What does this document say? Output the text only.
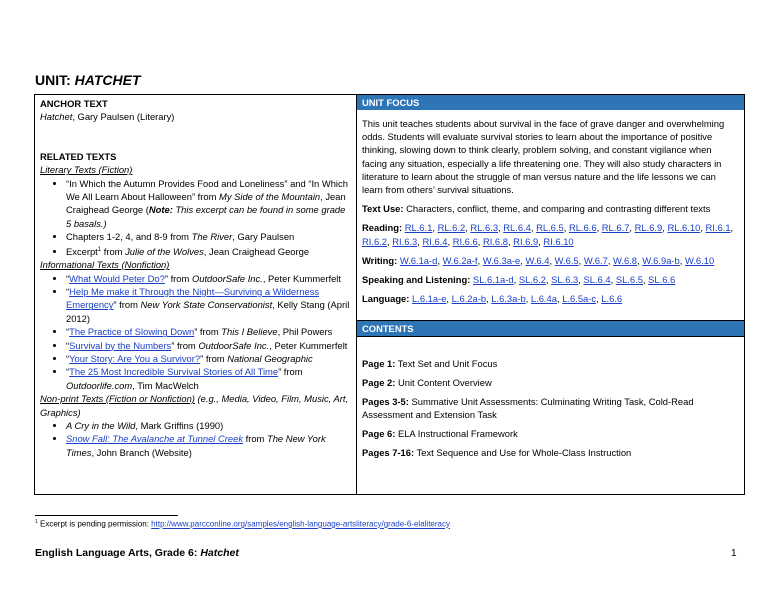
UNIT: HATCHET
ANCHOR TEXT
Hatchet, Gary Paulsen (Literary)
RELATED TEXTS
Literary Texts (Fiction)
• “In Which the Autumn Provides Food and Loneliness” and “In Which We All Learn About Halloween” from My Side of the Mountain, Jean Craighead George (Note: This excerpt can be found in some grade 5 basals.)
• Chapters 1-2, 4, and 8-9 from The River, Gary Paulsen
• Excerpt$^1$ from Julie of the Wolves, Jean Craighead George
Informational Texts (Nonfiction)
• “What Would Peter Do?” from OutdoorSafe Inc., Peter Kummerfelt
• “Help Me make it Through the Night—Surviving a Wilderness Emergency” from New York State Conservationist, Kelly Stang (April 2012)
• “The Practice of Slowing Down” from This I Believe, Phil Powers
• “Survival by the Numbers” from OutdoorSafe Inc., Peter Kummerfelt
• “Your Story: Are You a Survivor?” from National Geographic
• “The 25 Most Incredible Survival Stories of All Time” from Outdoorlife.com, Tim MacWelch
Non-print Texts (Fiction or Nonfiction) (e.g., Media, Video, Film, Music, Art, Graphics)
• A Cry in the Wild, Mark Griffins (1990)
• Snow Fall: The Avalanche at Tunnel Creek from The New York Times, John Branch (Website)
UNIT FOCUS

This unit teaches students about survival in the face of grave danger and overwhelming odds. Students will evaluate survival stories to learn about the importance of positive thinking, slowing down to think clearly, problem solving, and constant vigilance when facing any situation, especially a life threatening one. They will also study characters in literature to learn about the struggle of man versus nature and the life lessons we can learn from others’ survival situations.

Text Use: Characters, conflict, theme, and comparing and contrasting different texts

Reading: RL.6.1, RL.6.2, RL.6.3, RL.6.4, RL.6.5, RL.6.6, RL.6.7, RL.6.9, RL.6.10, RI.6.1, RI.6.2, RI.6.3, RI.6.4, RI.6.6, RI.6.8, RI.6.9, RI.6.10

Writing: W.6.1a-d, W.6.2a-f, W.6.3a-e, W.6.4, W.6.5, W.6.7, W.6.8, W.6.9a-b, W.6.10

Speaking and Listening: SL.6.1a-d, SL.6.2, SL.6.3, SL.6.4, SL.6.5, SL.6.6

Language: L.6.1a-e, L.6.2a-b, L.6.3a-b, L.6.4a, L.6.5a-c, L.6.6

CONTENTS

Page 1: Text Set and Unit Focus

Page 2: Unit Content Overview

Pages 3-5: Summative Unit Assessments: Culminating Writing Task, Cold-Read Assessment and Extension Task

Page 6: ELA Instructional Framework

Pages 7-16: Text Sequence and Use for Whole-Class Instruction

$^1$ Excerpt is pending permission: http://www.parcconline.org/samples/english-language-artsliteracy/grade-6-elaliteracy
English Language Arts, Grade 6: Hatchet	1
